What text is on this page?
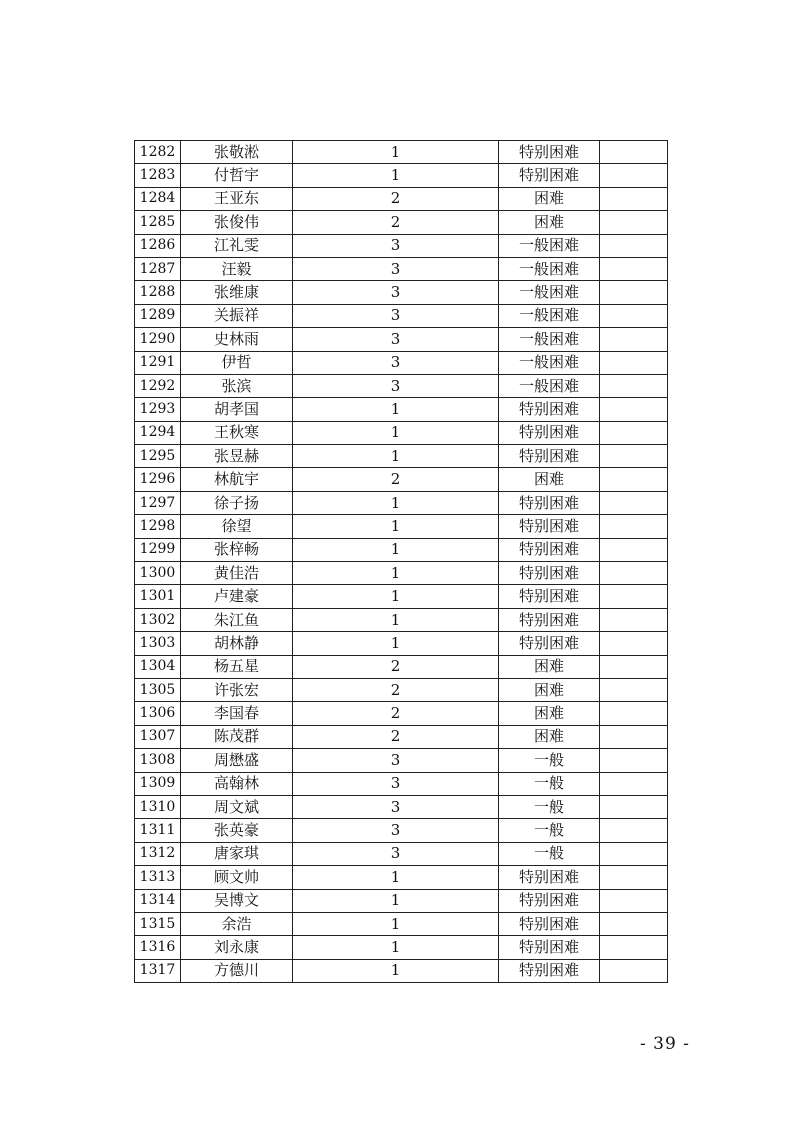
1282	张敬淞	1	特别困难	
1283	付哲宇	1	特别困难	
1284	王亚东	2	困难	
1285	张俊伟	2	困难	
1286	江礼雯	3	一般困难	
1287	汪毅	3	一般困难	
1288	张维康	3	一般困难	
1289	关振祥	3	一般困难	
1290	史林雨	3	一般困难	
1291	伊哲	3	一般困难	
1292	张滨	3	一般困难	
1293	胡孝国	1	特别困难	
1294	王秋寒	1	特别困难	
1295	张昱赫	1	特别困难	
1296	林航宇	2	困难	
1297	徐子扬	1	特别困难	
1298	徐望	1	特别困难	
1299	张梓畅	1	特别困难	
1300	黄佳浩	1	特别困难	
1301	卢建豪	1	特别困难	
1302	朱江鱼	1	特别困难	
1303	胡林静	1	特别困难	
1304	杨五星	2	困难	
1305	许张宏	2	困难	
1306	李国春	2	困难	
1307	陈茂群	2	困难	
1308	周懋盛	3	一般	
1309	高翰林	3	一般	
1310	周文斌	3	一般	
1311	张英豪	3	一般	
1312	唐家琪	3	一般	
1313	顾文帅	1	特别困难	
1314	吴博文	1	特别困难	
1315	余浩	1	特别困难	
1316	刘永康	1	特别困难	
1317	方德川	1	特别困难	
- 39 -
